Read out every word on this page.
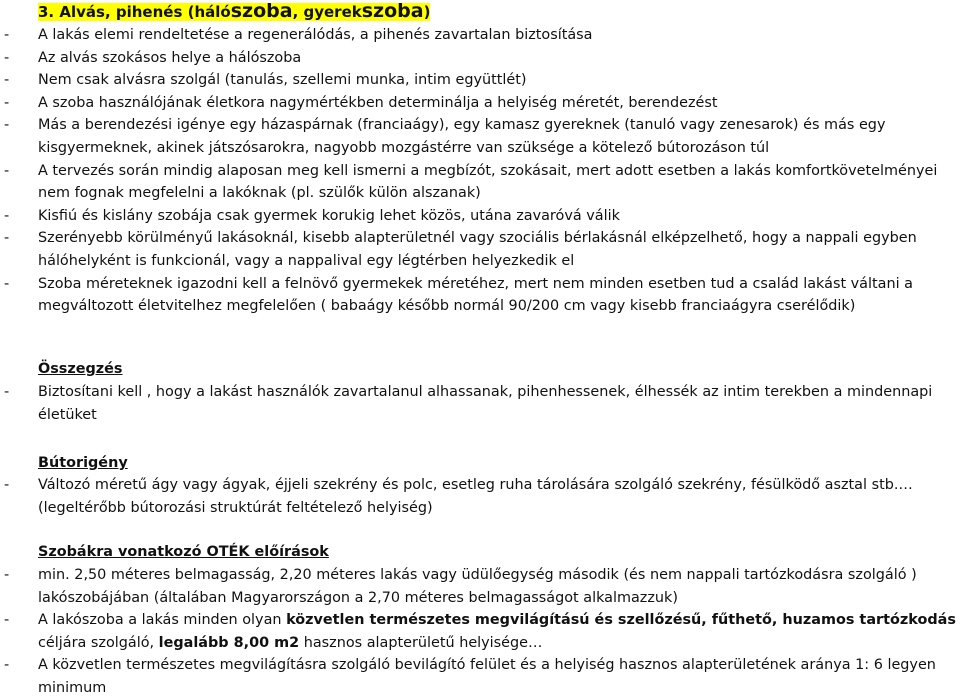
3. Alvás, pihenés (hálószoba, gyerekszoba)
- A lakás elemi rendeltetése a regenerálódás, a pihenés zavartalan biztosítása
- Az alvás szokásos helye a hálószoba
- Nem csak alvásra szolgál (tanulás, szellemi munka, intim együttlét)
- A szoba használójának életkora nagymértékben determinálja a helyiség méretét, berendezést
- Más a berendezési igénye egy házaspárnak (franciaágy), egy kamasz gyereknek (tanuló vagy zenesarok) és más egy kisgyermeknek, akinek játszósarokra, nagyobb mozgástérre van szüksége a kötelező bútorozáson túl
- A tervezés során mindig alaposan meg kell ismerni a megbízót, szokásait, mert adott esetben a lakás komfortkövetelményei nem fognak megfelelni a lakóknak (pl. szülők külön alszanak)
- Kisfiú és kislány szobája csak gyermek korukig lehet közös, utána zavaróvá válik
- Szerényebb körülményű lakásoknál, kisebb alapterületnél vagy szociális bérlakásnál elképzelhető, hogy a nappali egyben hálóhelyként is funkcionál, vagy a nappalival egy légtérben helyezkedik el
- Szoba méreteknek igazodni kell a felnövő gyermekek méretéhez, mert nem minden esetben tud a család lakást váltani a megváltozott életvitelhez megfelelően ( babaágy később normál 90/200 cm vagy kisebb franciaágyra cserélődik)
Összegzés
- Biztosítani kell , hogy a lakást használók zavartalanul alhassanak, pihenhessenek, élhessék az intim terekben a mindennapi életüket
Bútorigény
- Változó méretű ágy vagy ágyak, éjjeli szekrény és polc, esetleg ruha tárolására szolgáló szekrény, fésülködő asztal stb.… (legeltérőbb bútorozási struktúrát feltételező helyiség)
Szobákra vonatkozó OTÉK előírások
- min. 2,50 méteres belmagasság, 2,20 méteres lakás vagy üdülőegység második (és nem nappali tartózkodásra szolgáló ) lakószobájában (általában Magyarországon a 2,70 méteres belmagasságot alkalmazzuk)
- A lakószoba a lakás minden olyan közvetlen természetes megvilágítású és szellőzésű, fűthető, huzamos tartózkodás céljára szolgáló, legalább 8,00 m2 hasznos alapterületű helyisége…
- A közvetlen természetes megvilágításra szolgáló bevilágító felület és a helyiség hasznos alapterületének aránya 1: 6 legyen minimum
